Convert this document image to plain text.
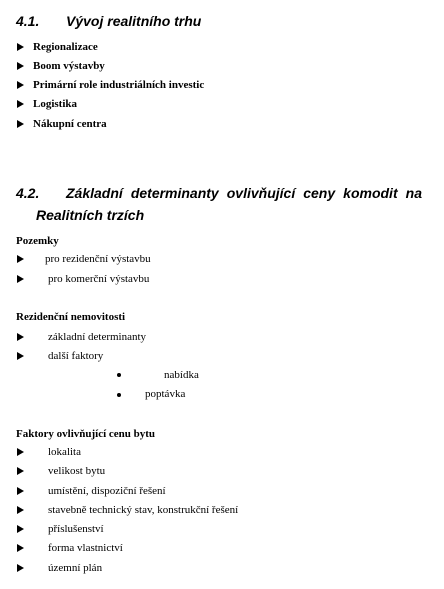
4.1. Vývoj realitního trhu
Regionalizace
Boom výstavby
Primární role industriálních investic
Logistika
Nákupní centra
4.2. Základní determinanty ovlivňující ceny komodit na
Realitních trzích
Pozemky
pro rezidenční výstavbu
pro komerční výstavbu
Rezidenční nemovitosti
základní determinanty
další faktory
nabídka
poptávka
Faktory ovlivňující cenu bytu
lokalita
velikost bytu
umístění, dispoziční řešení
stavebně technický stav, konstrukční řešení
příslušenství
forma vlastnictví
územní plán
